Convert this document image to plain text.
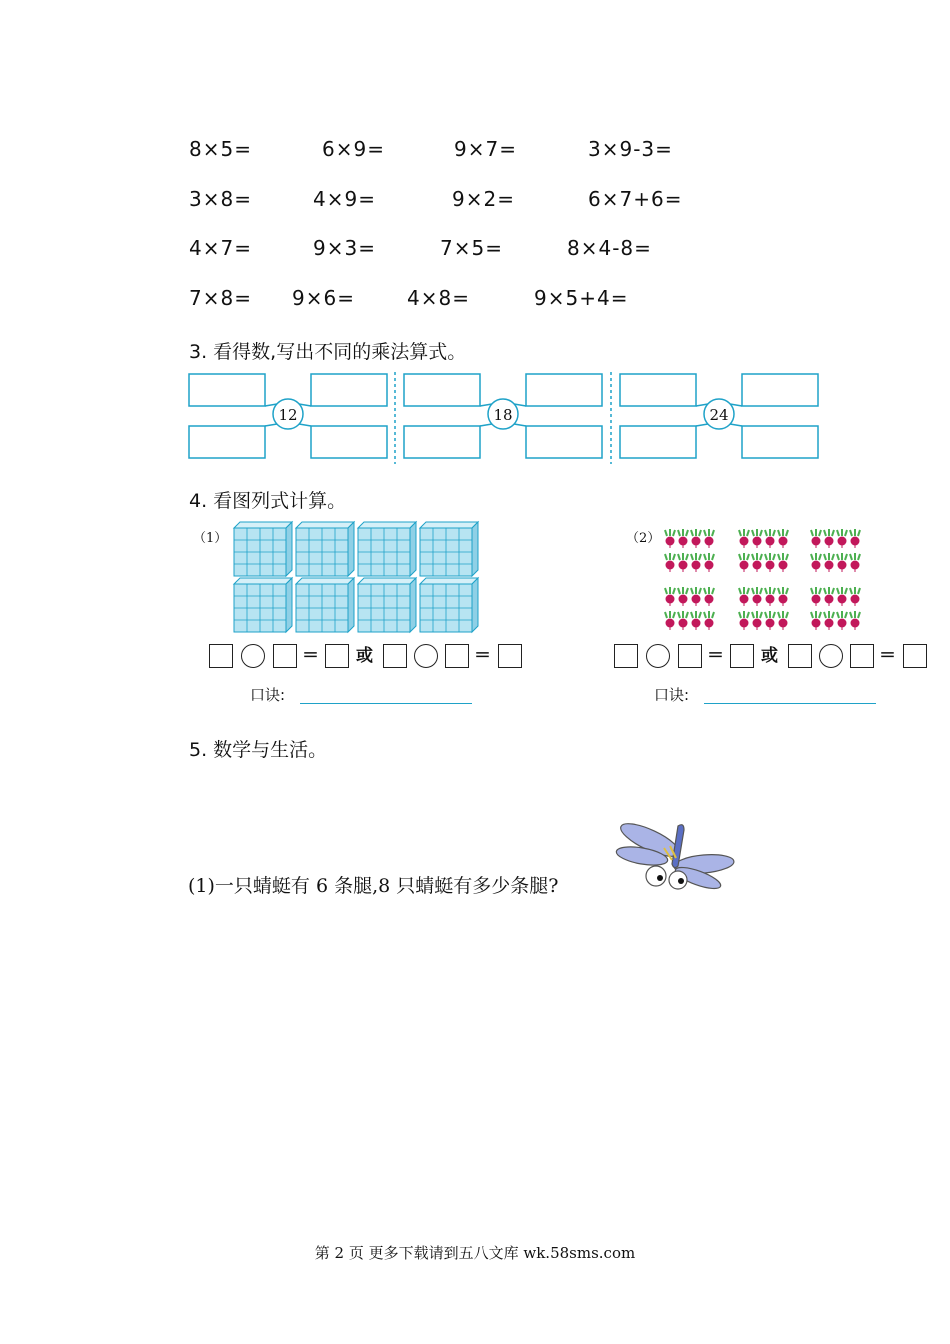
8×5=	6×9=	9×7=	3×9-3=
3×8=	4×9=	9×2=	6×7+6=
4×7=	9×3=	7×5=	8×4-8=
7×8= 9×6=	4×8=	9×5+4=
3. 看得数,写出不同的乘法算式。
12	18	24
4. 看图列式计算。
（1）
＝ 或	＝
口诀:
（2）
＝ 或	＝
口诀:
5. 数学与生活。
(1)一只蜻蜓有 6 条腿,8 只蜻蜓有多少条腿?
第 2 页 更多下载请到五八文库 wk.58sms.com
